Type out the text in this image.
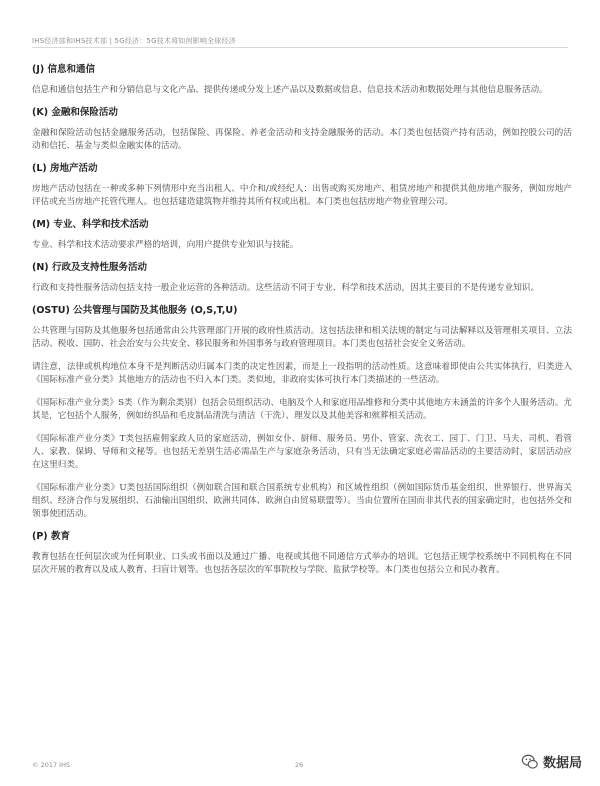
IHS经济部和IHS技术部 | 5G经济：5G技术将如何影响全球经济
(J) 信息和通信

信息和通信包括生产和分销信息与文化产品、提供传递或分发上述产品以及数据或信息、信息技术活动和数据处理与其他信息服务活动。

(K) 金融和保险活动

金融和保险活动包括金融服务活动，包括保险、再保险、养老金活动和支持金融服务的活动。本门类也包括资产持有活动，例如控股公司的活动和信托、基金与类似金融实体的活动。

(L) 房地产活动

房地产活动包括在一种或多种下列情形中充当出租人、中介和/或经纪人：出售或购买房地产、租赁房地产和提供其他房地产服务，例如房地产评估或充当房地产托管代理人。也包括建造建筑物并维持其所有权或出租。本门类也包括房地产物业管理公司。

(M) 专业、科学和技术活动

专业、科学和技术活动要求严格的培训，向用户提供专业知识与技能。

(N) 行政及支持性服务活动

行政和支持性服务活动包括支持一般企业运营的各种活动。这些活动不同于专业、科学和技术活动，因其主要目的不是传递专业知识。

(OSTU) 公共管理与国防及其他服务 (O,S,T,U)

公共管理与国防及其他服务包括通常由公共管理部门开展的政府性质活动。这包括法律和相关法规的制定与司法解释以及管理相关项目、立法活动、税收、国防、社会治安与公共安全、移民服务和外国事务与政府管理项目。本门类也包括社会安全义务活动。

请注意，法律或机构地位本身不是判断活动归属本门类的决定性因素，而是上一段指明的活动性质。这意味着即使由公共实体执行，归类进入《国际标准产业分类》其他地方的活动也不归入本门类。类似地，非政府实体可执行本门类描述的一些活动。

《国际标准产业分类》S类（作为剩余类别）包括会员组织活动、电脑及个人和家庭用品维修和分类中其他地方未涵盖的许多个人服务活动。尤其是，它包括个人服务，例如纺织品和毛皮制品清洗与清洁（干洗）、理发以及其他美容和殡葬相关活动。

《国际标准产业分类》T类包括雇佣家政人员的家庭活动，例如女仆、厨师、服务员、男仆、管家、洗衣工、园丁、门卫、马夫、司机、看管人、家教、保姆、导师和文秘等。也包括无差别生活必需品生产与家庭杂务活动，只有当无法确定家庭必需品活动的主要活动时，家居活动应在这里归类。

《国际标准产业分类》U类包括国际组织（例如联合国和联合国系统专业机构）和区域性组织（例如国际货币基金组织、世界银行、世界海关组织、经济合作与发展组织、石油输出国组织、欧洲共同体、欧洲自由贸易联盟等）。当由位置所在国而非其代表的国家确定时，也包括外交和领事使团活动。

(P) 教育

教育包括在任何层次或为任何职业、口头或书面以及通过广播、电视或其他不同通信方式举办的培训。它包括正规学校系统中不同机构在不同层次开展的教育以及成人教育、扫盲计划等。也包括各层次的军事院校与学院、监狱学校等。本门类也包括公立和民办教育。

© 2017 IHS	26	数据局
